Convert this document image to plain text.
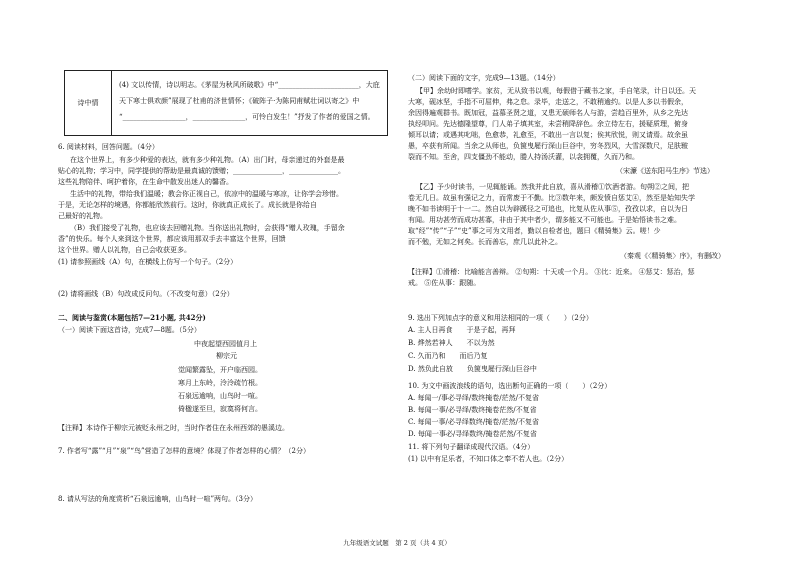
诗中情
(4) 文以传情，诗以明志。《茅屋为秋风所破歌》中“_______________________，大庇
天下寒士俱欢颜”展现了杜甫的济世情怀；《破阵子·为陈同甫赋壮词以寄之》中
“__________________，_______________，可怜白发生！”抒发了作者的爱国之情。
6. 阅读材料，回答问题。（4分）
在这个世界上，有多少种爱的表达，就有多少种礼物。（A）出门时，母亲递过的外套是最
贴心的礼物；学习中，同学提供的帮助是最真诚的馈赠；______________，______________。
这些礼物陪伴、呵护着你，在生命中散发出迷人的馨香。
生活中的礼物，带给我们温暖；教会你正视自己，依凉中的温暖与寒凉，让你学会珍惜。
于是，无论怎样的境遇，你都能欣然前行。这时，你就真正成长了。成长就是你给自
己最好的礼物。
（B）我们接受了礼物，也应该去回赠礼物。当你送出礼物时，会获得“赠人玫瑰，手留余
香”的快乐。每个人来到这个世界，都应该用那双手去丰富这个世界，回馈
这个世界。赠人以礼物，自己会收获更多。
(1) 请参照画线（A）句，在横线上仿写一个句子。（2分）
(2) 请将画线（B）句改成反问句。（不改变句意）（2分）
二、阅读与鉴赏(本题包括7—21小题, 共42分)
（一）阅读下面这首诗，完成7—8题。（5分）
中夜起望西园值月上
柳宗元
觉闻繁露坠，开户临西园。
寒月上东岭，泠泠疏竹根。
石泉远逾响，山鸟时一喧。
倚楹遂至旦，寂寞将何言。
【注释】本诗作于柳宗元被贬永州之时，当时作者住在永州西郊的愚溪边。
7. 作者写“露”“月”“泉”“鸟”营造了怎样的意境？体现了作者怎样的心情？（2分）
8. 请从写法的角度赏析“石泉远逾响，山鸟时一喧”两句。（3分）
（二）阅读下面的文字，完成9—13题。（14分）
【甲】余幼时即嗜学。家贫，无从致书以观，每假借于藏书之家，手自笔录，计日以还。天
大寒，砚冰坚，手指不可屈伸，弗之怠。录毕，走送之，不敢稍逾约。以是人多以书假余，
余因得遍观群书。既加冠，益慕圣贤之道，又患无硕师名人与游，尝趋百里外，从乡之先达
执经叩问。先达德隆望尊，门人弟子填其室，未尝稍降辞色。余立侍左右，援疑质理，俯身
倾耳以请；或遇其叱咄，色愈恭，礼愈至，不敢出一言以复；俟其欣悦，则又请焉。故余虽
愚，卒获有所闻。当余之从师也，负箧曳屣行深山巨谷中，穷冬烈风，大雪深数尺，足肤皲
裂而不知。至舍，四支僵劲不能动，媵人持汤沃灌，以衾拥覆，久而乃和。
（宋濂《送东阳马生序》节选）
【乙】予少时读书，一见辄能诵。然我并此自放，喜从滑稽①饮酒者游。旬朔②之间，把
卷无几日。故虽有强记之力，而常废于不勤。比③数年来，颇发愤自惩艾④，然至是始知失学
晚不如书读明于十一二。然自以为辟蹊径之可追也，比复从佐从事⑤，孜孜以求，自以为日
有闻。用功甚劳而成功甚寡，非由于其中者少，谓多能又不可能也。于是始悟读书之难。
取“经”“传”“子”“史”事之可为文用者，勤以自检者也，题曰《精骑集》云。嗟！少
而不勉，无如之何矣。长而善忘，庶几以此补之。
（秦观《〈精骑集〉序》，有删改）
【注释】①滑稽：比喻能言善辩。 ②旬朔：十天或一个月。 ③比：近来。 ④惩艾：惩治，惩
戒。 ⑤佐从事：跟随。
9. 选出下列加点字的意义和用法相同的一项（　　）（2分）
A. 主人日再食　　于是子起，再拜
B. 烨然若神人　　不以为然
C. 久而乃和　　而后乃复
D. 然负此自放　　负箧曳屣行深山巨谷中
10. 为文中画波浪线的语句，选出断句正确的一项（　　）（2分）
A. 每闻一/事必寻绎/数终掩卷/茫然/不复省
B. 每闻一事/必寻绎/数终掩卷茫然/不复省
C. 每闻一事/必寻绎数终/掩卷/茫然/不复省
D. 每闻一事必/寻绎数终/掩卷茫然/不复省
11. 将下列句子翻译成现代汉语。（4分）
(1) 以中有足乐者，不知口体之奉不若人也。（2分）
九年级语文试题　第 2 页（共 4 页）
